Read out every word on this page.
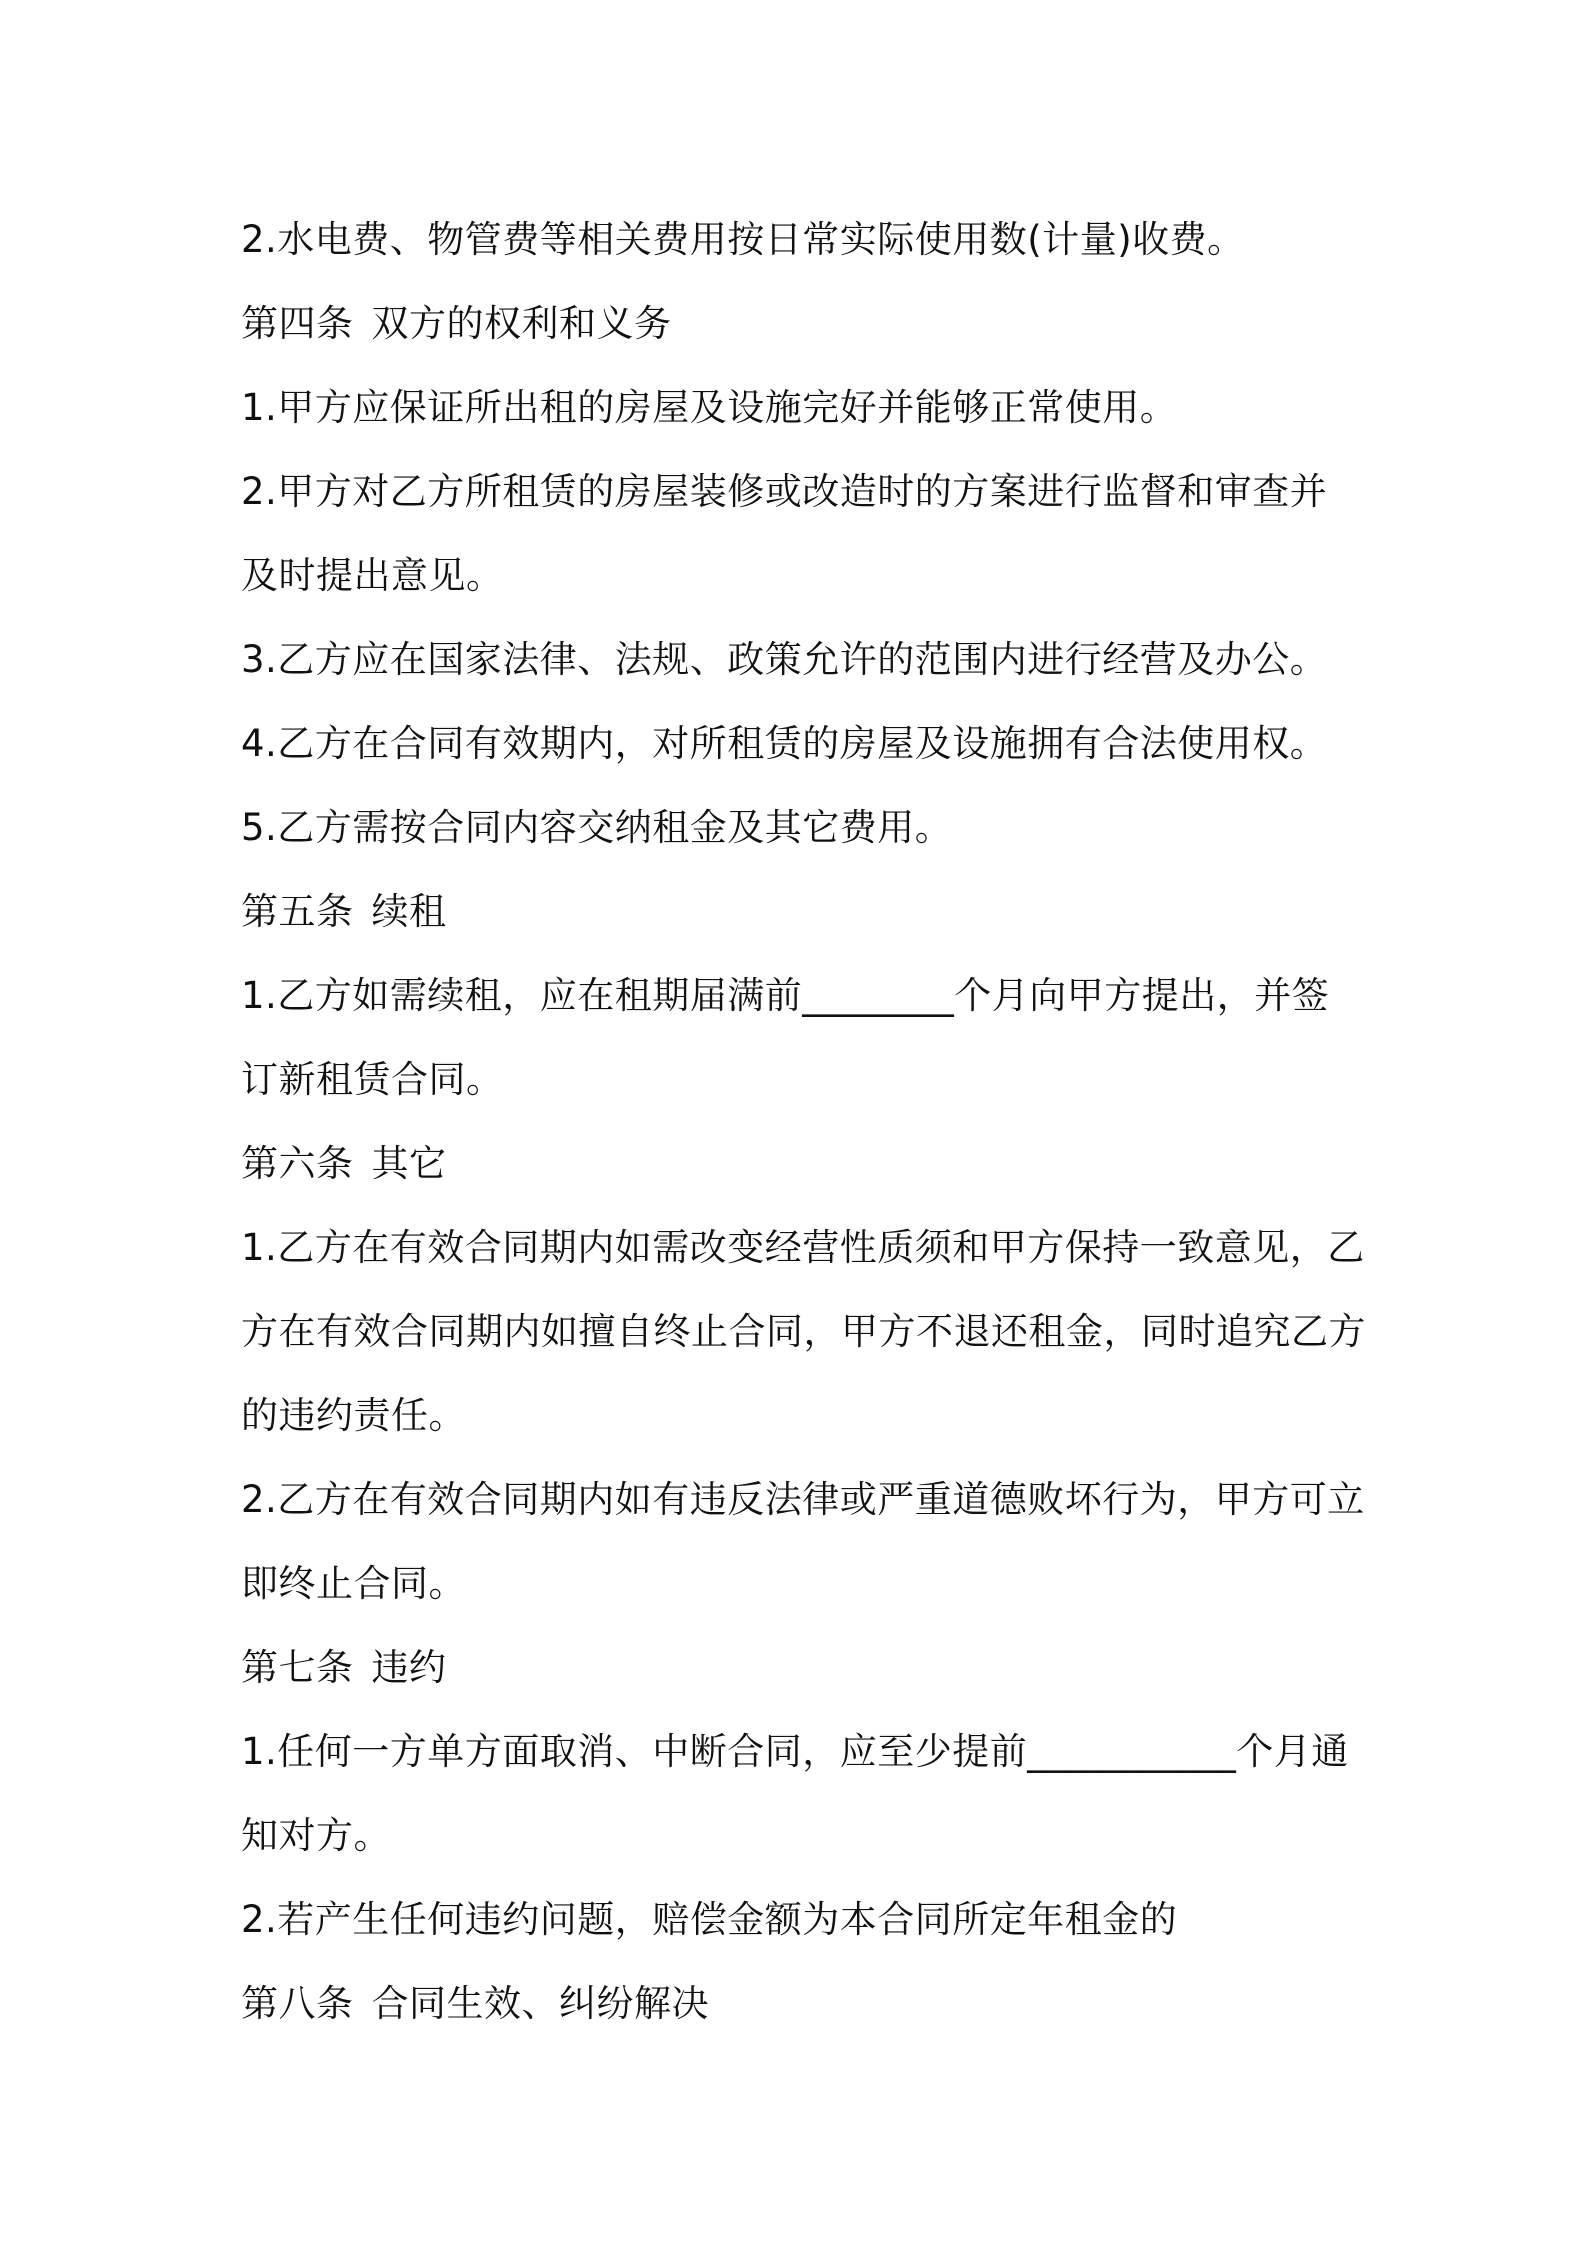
2.水电费、物管费等相关费用按日常实际使用数(计量)收费。
第四条 双方的权利和义务
1.甲方应保证所出租的房屋及设施完好并能够正常使用。
2.甲方对乙方所租赁的房屋装修或改造时的方案进行监督和审查并
及时提出意见。
3.乙方应在国家法律、法规、政策允许的范围内进行经营及办公。
4.乙方在合同有效期内，对所租赁的房屋及设施拥有合法使用权。
5.乙方需按合同内容交纳租金及其它费用。
第五条 续租
1.乙方如需续租，应在租期届满前________个月向甲方提出，并签
订新租赁合同。
第六条 其它
1.乙方在有效合同期内如需改变经营性质须和甲方保持一致意见，乙
方在有效合同期内如擅自终止合同，甲方不退还租金，同时追究乙方
的违约责任。
2.乙方在有效合同期内如有违反法律或严重道德败坏行为，甲方可立
即终止合同。
第七条 违约
1.任何一方单方面取消、中断合同，应至少提前___________个月通
知对方。
2.若产生任何违约问题，赔偿金额为本合同所定年租金的
第八条 合同生效、纠纷解决
